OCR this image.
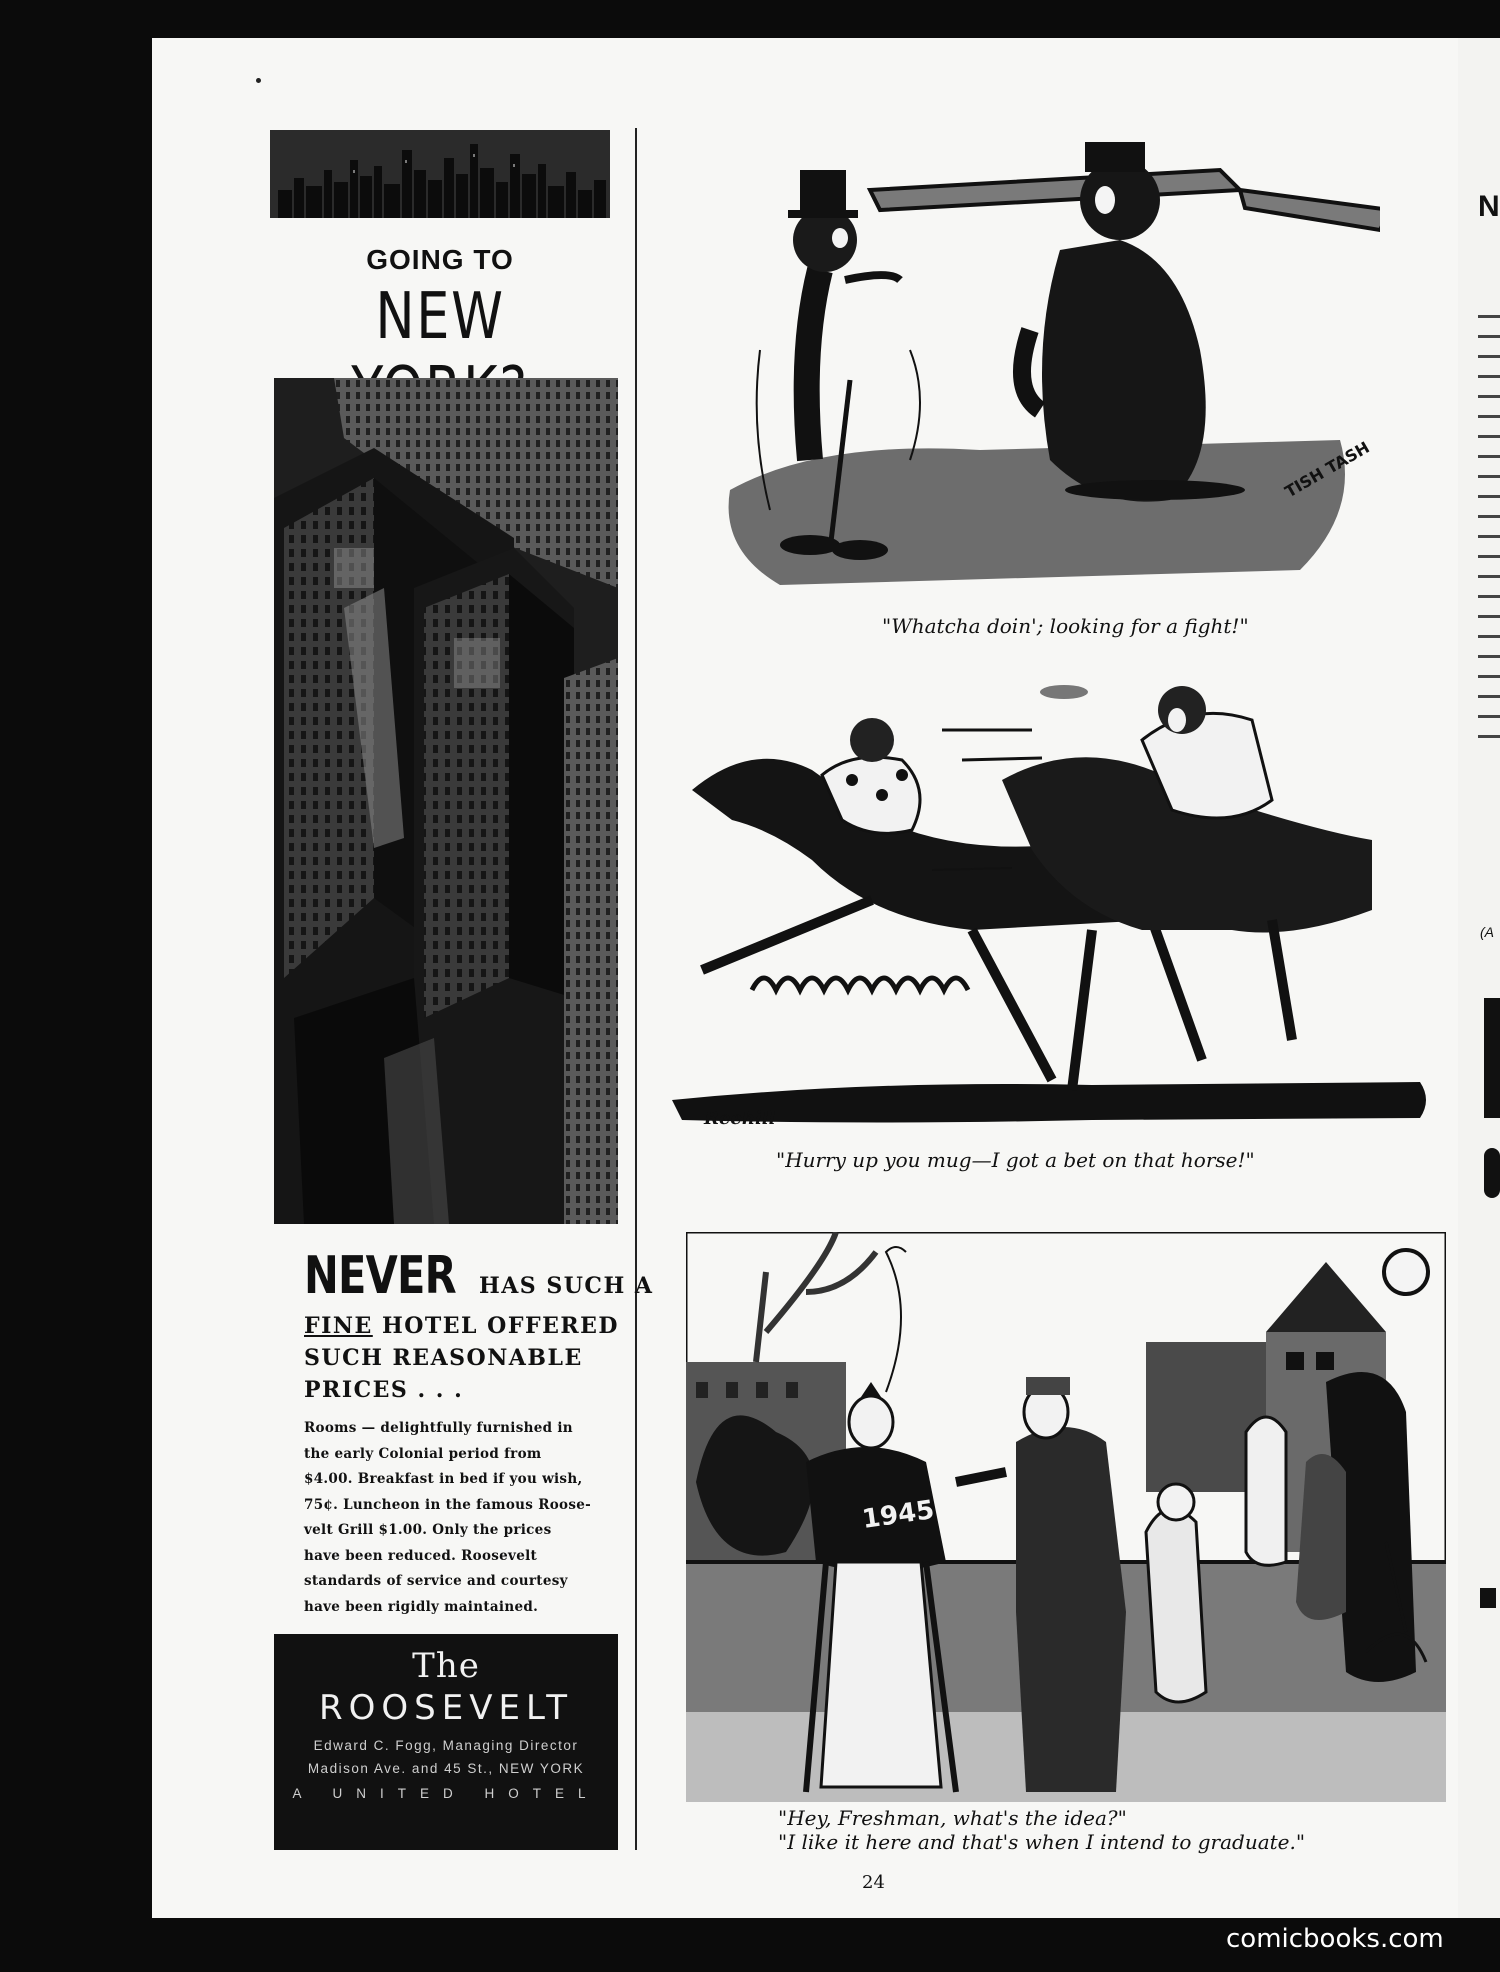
N
(A
GOING TO
NEW
NEVER HAS SUCH A
FINE HOTEL OFFERED
SUCH REASONABLE
PRICES . . .
Rooms — delightfully furnished in
the early Colonial period from
$4.00. Breakfast in bed if you wish,
75¢. Luncheon in the famous Roose-
velt Grill $1.00. Only the prices
have been reduced. Roosevelt
standards of service and courtesy
have been rigidly maintained.
The
ROOSEVELT
Edward C. Fogg, Managing Director
Madison Ave. and 45 St., NEW YORK
A UNITED HOTEL
TISH TASH
"Whatcha doin'; looking for a fight!"
Reehill
"Hurry up you mug—I got a bet on that horse!"
1945
"Hey, Freshman, what's the idea?"
"I like it here and that's when I intend to graduate."
24
comicbooks.com
